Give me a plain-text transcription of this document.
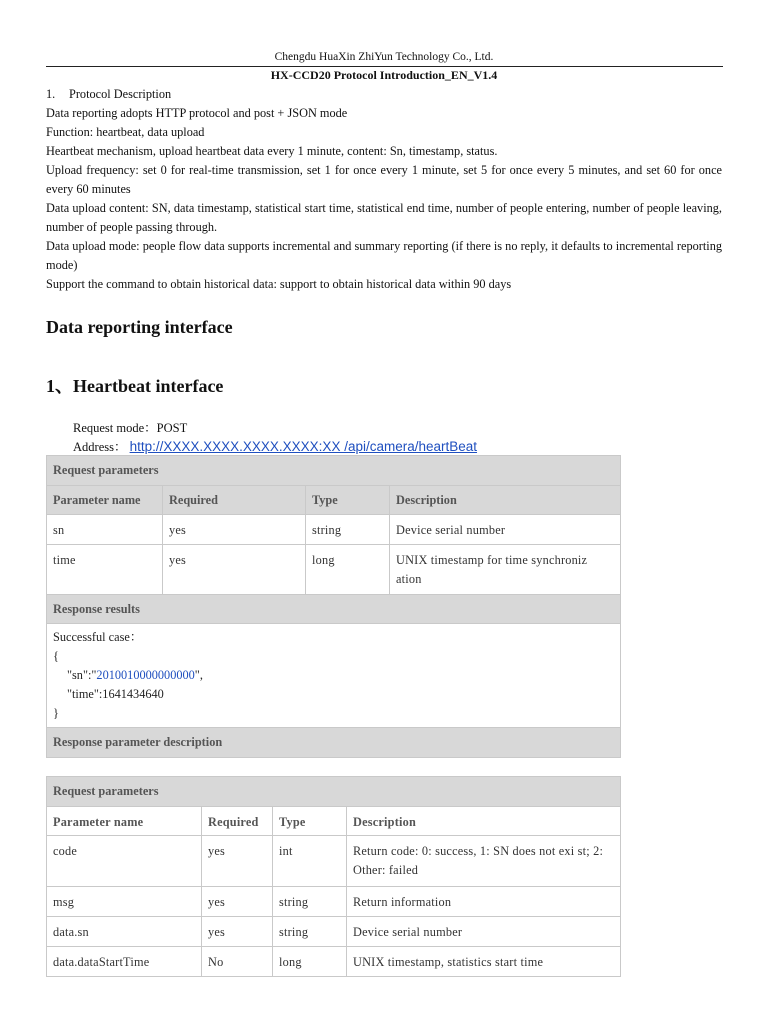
Chengdu HuaXin ZhiYun Technology Co., Ltd.
HX-CCD20 Protocol Introduction_EN_V1.4

1. Protocol Description

Data reporting adopts HTTP protocol and post + JSON mode

Function: heartbeat, data upload

Heartbeat mechanism, upload heartbeat data every 1 minute, content: Sn, timestamp, status.

Upload frequency: set 0 for real-time transmission, set 1 for once every 1 minute, set 5 for once every 5 minutes, and set 60 for once every 60 minutes

Data upload content: SN, data timestamp, statistical start time, statistical end time, number of people entering, number of people leaving, number of people passing through.

Data upload mode: people flow data supports incremental and summary reporting (if there is no reply, it defaults to incremental reporting mode)

Support the command to obtain historical data: support to obtain historical data within 90 days

Data reporting interface
1、Heartbeat interface
Request mode：POST
Address： http://XXXX.XXXX.XXXX.XXXX:XX /api/camera/heartBeat
Request parameters			
Parameter name	Required	Type	Description
sn	yes	string	Device serial number
time	yes	long	UNIX timestamp for time synchroniz ation
Response results			

Successful case：
{
"sn":"2010010000000000",
"time":1641434640
}			

Response parameter description			
Request parameters			
Parameter name	Required	Type	Description
code	yes	int	Return code: 0: success, 1: SN does not exi st; 2: Other: failed
msg	yes	string	Return information
data.sn	yes	string	Device serial number
data.dataStartTime	No	long	UNIX timestamp, statistics start time
